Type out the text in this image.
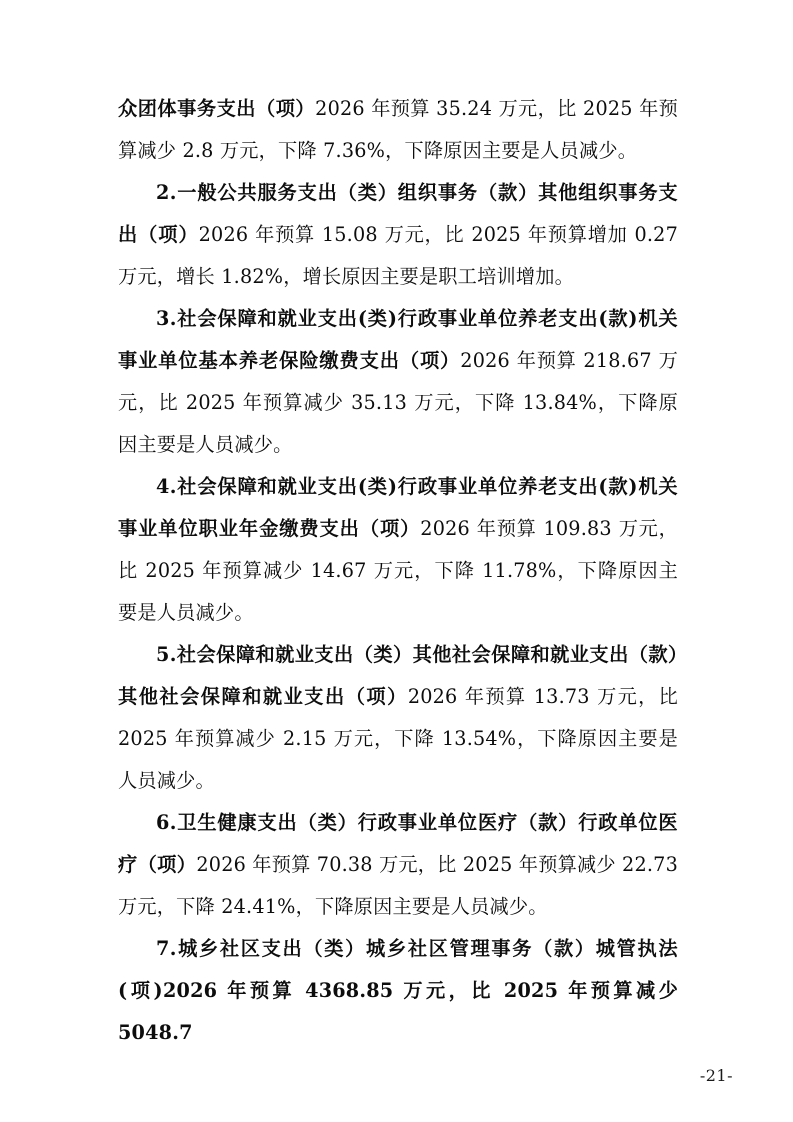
众团体事务支出（项）2026 年预算 35.24 万元，比 2025 年预算减少 2.8 万元，下降 7.36%，下降原因主要是人员减少。

2.一般公共服务支出（类）组织事务（款）其他组织事务支出（项）2026 年预算 15.08 万元，比 2025 年预算增加 0.27 万元，增长 1.82%，增长原因主要是职工培训增加。

3.社会保障和就业支出(类)行政事业单位养老支出(款)机关事业单位基本养老保险缴费支出（项）2026 年预算 218.67 万元，比 2025 年预算减少 35.13 万元，下降 13.84%，下降原因主要是人员减少。

4.社会保障和就业支出(类)行政事业单位养老支出(款)机关事业单位职业年金缴费支出（项）2026 年预算 109.83 万元，比 2025 年预算减少 14.67 万元，下降 11.78%，下降原因主要是人员减少。

5.社会保障和就业支出（类）其他社会保障和就业支出（款）其他社会保障和就业支出（项）2026 年预算 13.73 万元，比 2025 年预算减少 2.15 万元，下降 13.54%，下降原因主要是人员减少。

6.卫生健康支出（类）行政事业单位医疗（款）行政单位医疗（项）2026 年预算 70.38 万元，比 2025 年预算减少 22.73 万元，下降 24.41%，下降原因主要是人员减少。

7.城乡社区支出（类）城乡社区管理事务（款）城管执法(项)2026 年预算 4368.85 万元，比 2025 年预算减少 5048.7

-21-
